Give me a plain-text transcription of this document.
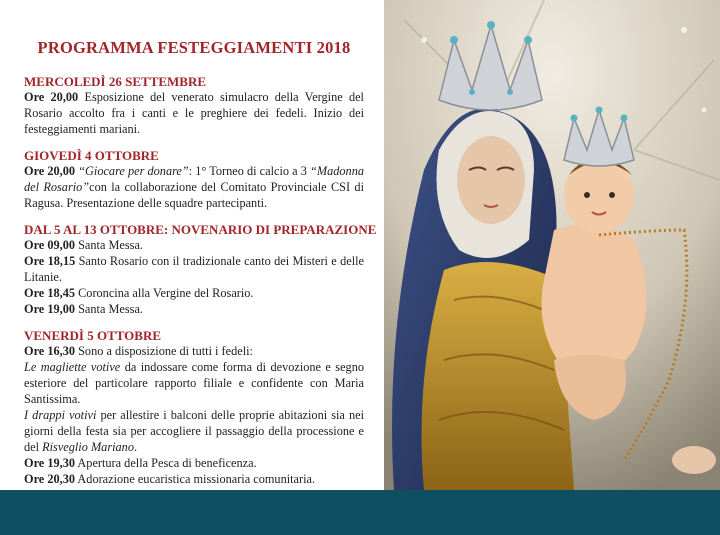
PROGRAMMA FESTEGGIAMENTI 2018
MERCOLEDÌ 26 SETTEMBRE
Ore 20,00 Esposizione del venerato simulacro della Vergine del Rosario accolto fra i canti e le preghiere dei fedeli. Inizio dei festeggiamenti mariani.
GIOVEDÌ 4 OTTOBRE
Ore 20,00 “Giocare per donare”: 1° Torneo di calcio a 3 “Madonna del Rosario”con la collaborazione del Comitato Provinciale CSI di Ragusa. Presentazione delle squadre partecipanti.
DAL 5 AL 13 OTTOBRE: NOVENARIO DI PREPARAZIONE
Ore 09,00 Santa Messa.
Ore 18,15 Santo Rosario con il tradizionale canto dei Misteri e delle Litanie.
Ore 18,45 Coroncina alla Vergine del Rosario.
Ore 19,00 Santa Messa.
VENERDÌ 5 OTTOBRE
Ore 16,30 Sono a disposizione di tutti i fedeli:
Le magliette votive da indossare come forma di devozione e segno esteriore del particolare rapporto filiale e confidente con Maria Santissima.
I drappi votivi per allestire i balconi delle proprie abitazioni sia nei giorni della festa sia per accogliere il passaggio della processione e del Risveglio Mariano.
Ore 19,30 Apertura della Pesca di beneficenza.
Ore 20,30 Adorazione eucaristica missionaria comunitaria.
